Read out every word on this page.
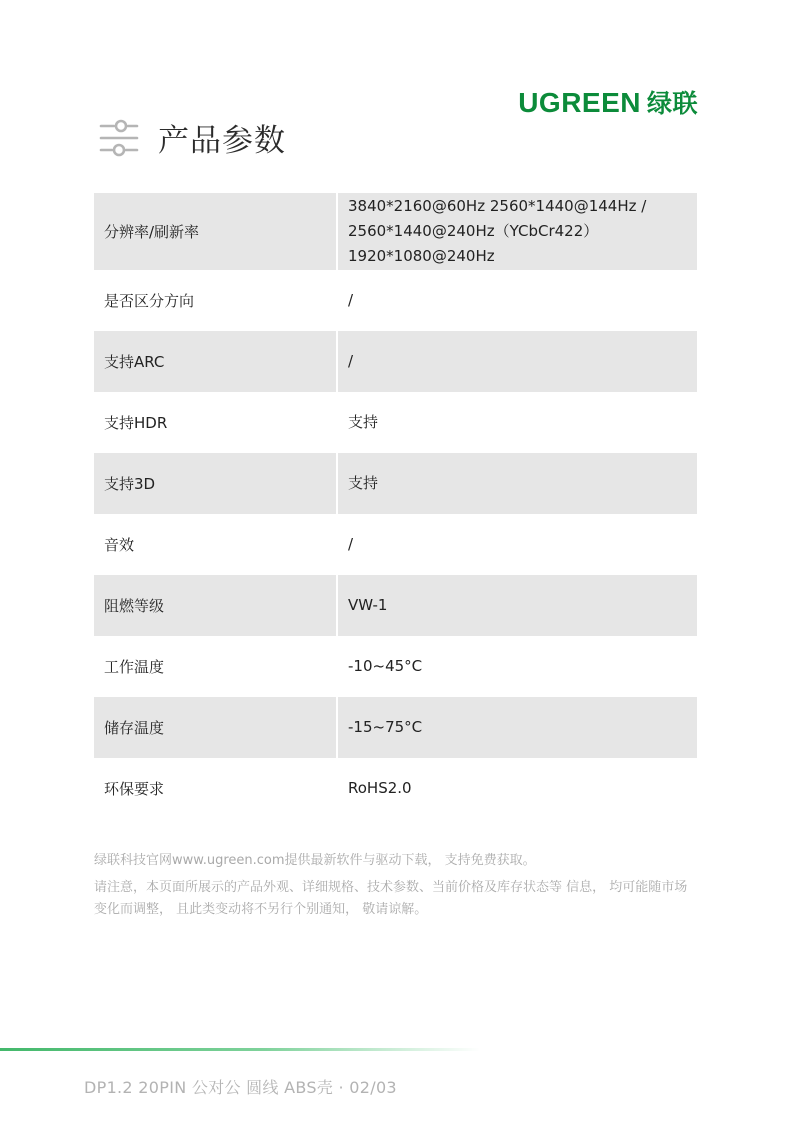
UGREEN 绿联
产品参数
分辨率/刷新率	3840*2160@60Hz 2560*1440@144Hz / 2560*1440@240Hz（YCbCr422） 1920*1080@240Hz
是否区分方向	/
支持ARC	/
支持HDR	支持
支持3D	支持
音效	/
阻燃等级	VW-1
工作温度	-10~45°C
储存温度	-15~75°C
环保要求	RoHS2.0

绿联科技官网www.ugreen.com提供最新软件与驱动下载， 支持免费获取。

请注意，本页面所展示的产品外观、详细规格、技术参数、当前价格及库存状态等 信息， 均可能随市场变化而调整， 且此类变动将不另行个别通知， 敬请谅解。

DP1.2 20PIN 公对公 圆线 ABS壳 · 02/03
